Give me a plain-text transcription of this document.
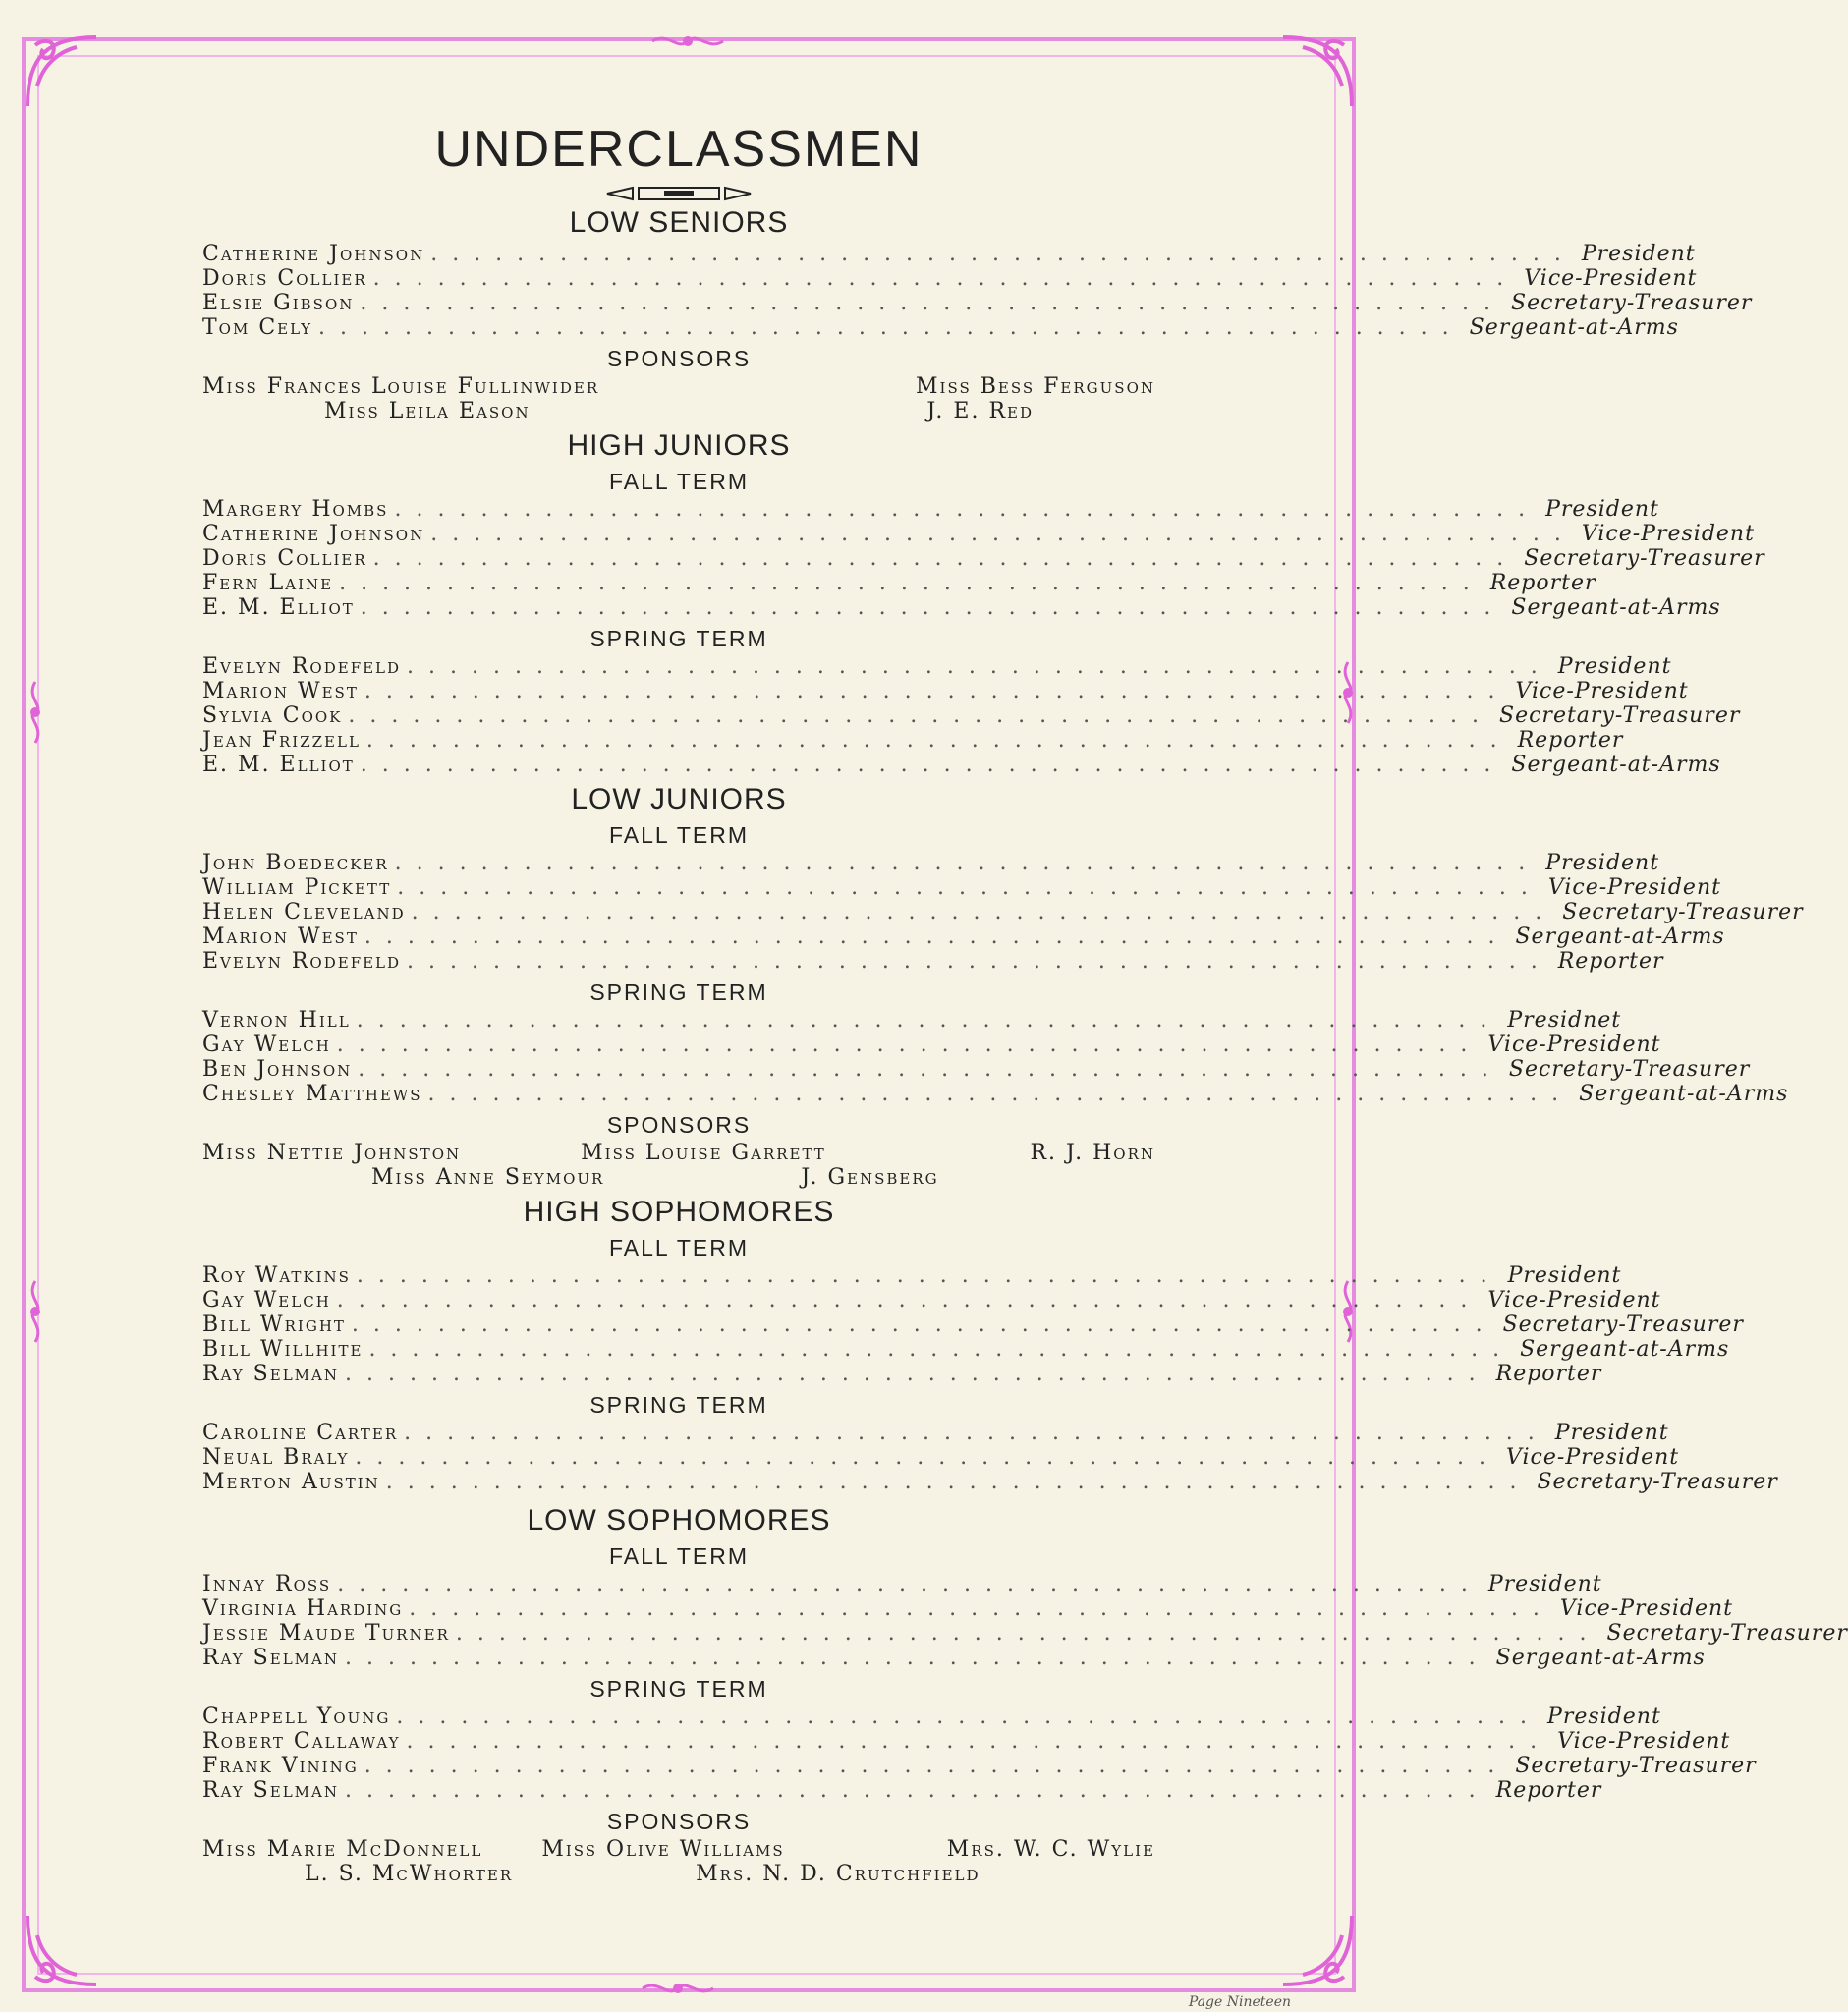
UNDERCLASSMEN
LOW SENIORS
Catherine Johnson ..................................................... President
Doris Collier ..................................................... Vice-President
Elsie Gibson ..................................................... Secretary-Treasurer
Tom Cely ..................................................... Sergeant-at-Arms
SPONSORS
Miss Frances Louise Fullinwider	Miss Bess Ferguson
Miss Leila Eason	J. E. Red
HIGH JUNIORS
FALL TERM
Margery Hombs ..................................................... President
Catherine Johnson ..................................................... Vice-President
Doris Collier ..................................................... Secretary-Treasurer
Fern Laine ..................................................... Reporter
E. M. Elliot ..................................................... Sergeant-at-Arms
SPRING TERM
Evelyn Rodefeld ..................................................... President
Marion West ..................................................... Vice-President
Sylvia Cook ..................................................... Secretary-Treasurer
Jean Frizzell ..................................................... Reporter
E. M. Elliot ..................................................... Sergeant-at-Arms
LOW JUNIORS
FALL TERM
John Boedecker ..................................................... President
William Pickett ..................................................... Vice-President
Helen Cleveland ..................................................... Secretary-Treasurer
Marion West ..................................................... Sergeant-at-Arms
Evelyn Rodefeld ..................................................... Reporter
SPRING TERM
Vernon Hill ..................................................... Presidnet
Gay Welch ..................................................... Vice-President
Ben Johnson ..................................................... Secretary-Treasurer
Chesley Matthews ..................................................... Sergeant-at-Arms
SPONSORS
Miss Nettie Johnston	Miss Louise Garrett	R. J. Horn
Miss Anne Seymour	J. Gensberg
HIGH SOPHOMORES
FALL TERM
Roy Watkins ..................................................... President
Gay Welch ..................................................... Vice-President
Bill Wright ..................................................... Secretary-Treasurer
Bill Willhite ..................................................... Sergeant-at-Arms
Ray Selman ..................................................... Reporter
SPRING TERM
Caroline Carter ..................................................... President
Neual Braly ..................................................... Vice-President
Merton Austin ..................................................... Secretary-Treasurer
LOW SOPHOMORES
FALL TERM
Innay Ross ..................................................... President
Virginia Harding ..................................................... Vice-President
Jessie Maude Turner ..................................................... Secretary-Treasurer
Ray Selman ..................................................... Sergeant-at-Arms
SPRING TERM
Chappell Young ..................................................... President
Robert Callaway ..................................................... Vice-President
Frank Vining ..................................................... Secretary-Treasurer
Ray Selman ..................................................... Reporter
SPONSORS
Miss Marie McDonnell	Miss Olive Williams	Mrs. W. C. Wylie
L. S. McWhorter	Mrs. N. D. Crutchfield
Page Nineteen
